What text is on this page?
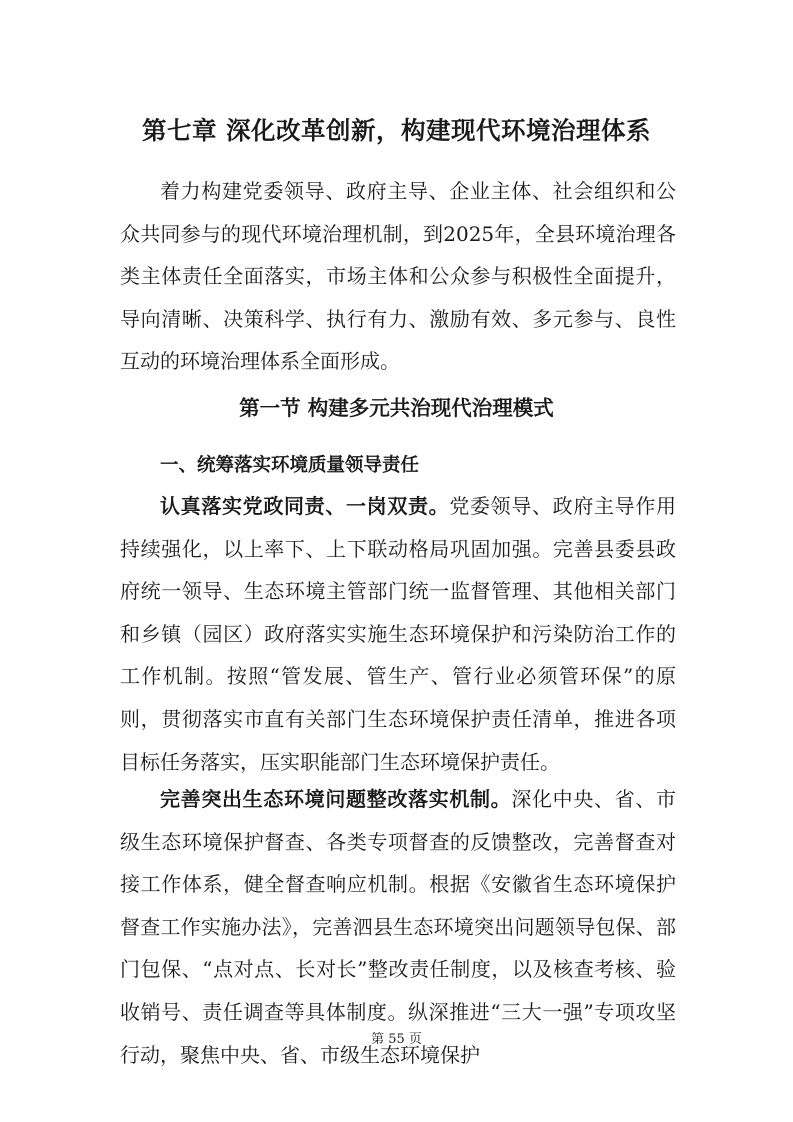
第七章 深化改革创新，构建现代环境治理体系

着力构建党委领导、政府主导、企业主体、社会组织和公众共同参与的现代环境治理机制，到2025年，全县环境治理各类主体责任全面落实，市场主体和公众参与积极性全面提升，导向清晰、决策科学、执行有力、激励有效、多元参与、良性互动的环境治理体系全面形成。

第一节 构建多元共治现代治理模式
一、统筹落实环境质量领导责任

认真落实党政同责、一岗双责。党委领导、政府主导作用持续强化，以上率下、上下联动格局巩固加强。完善县委县政府统一领导、生态环境主管部门统一监督管理、其他相关部门和乡镇（园区）政府落实实施生态环境保护和污染防治工作的工作机制。按照“管发展、管生产、管行业必须管环保”的原则，贯彻落实市直有关部门生态环境保护责任清单，推进各项目标任务落实，压实职能部门生态环境保护责任。

完善突出生态环境问题整改落实机制。深化中央、省、市级生态环境保护督查、各类专项督查的反馈整改，完善督查对接工作体系，健全督查响应机制。根据《安徽省生态环境保护督查工作实施办法》，完善泗县生态环境突出问题领导包保、部门包保、“点对点、长对长”整改责任制度，以及核查考核、验收销号、责任调查等具体制度。纵深推进“三大一强”专项攻坚行动，聚焦中央、省、市级生态环境保护

第 55 页
